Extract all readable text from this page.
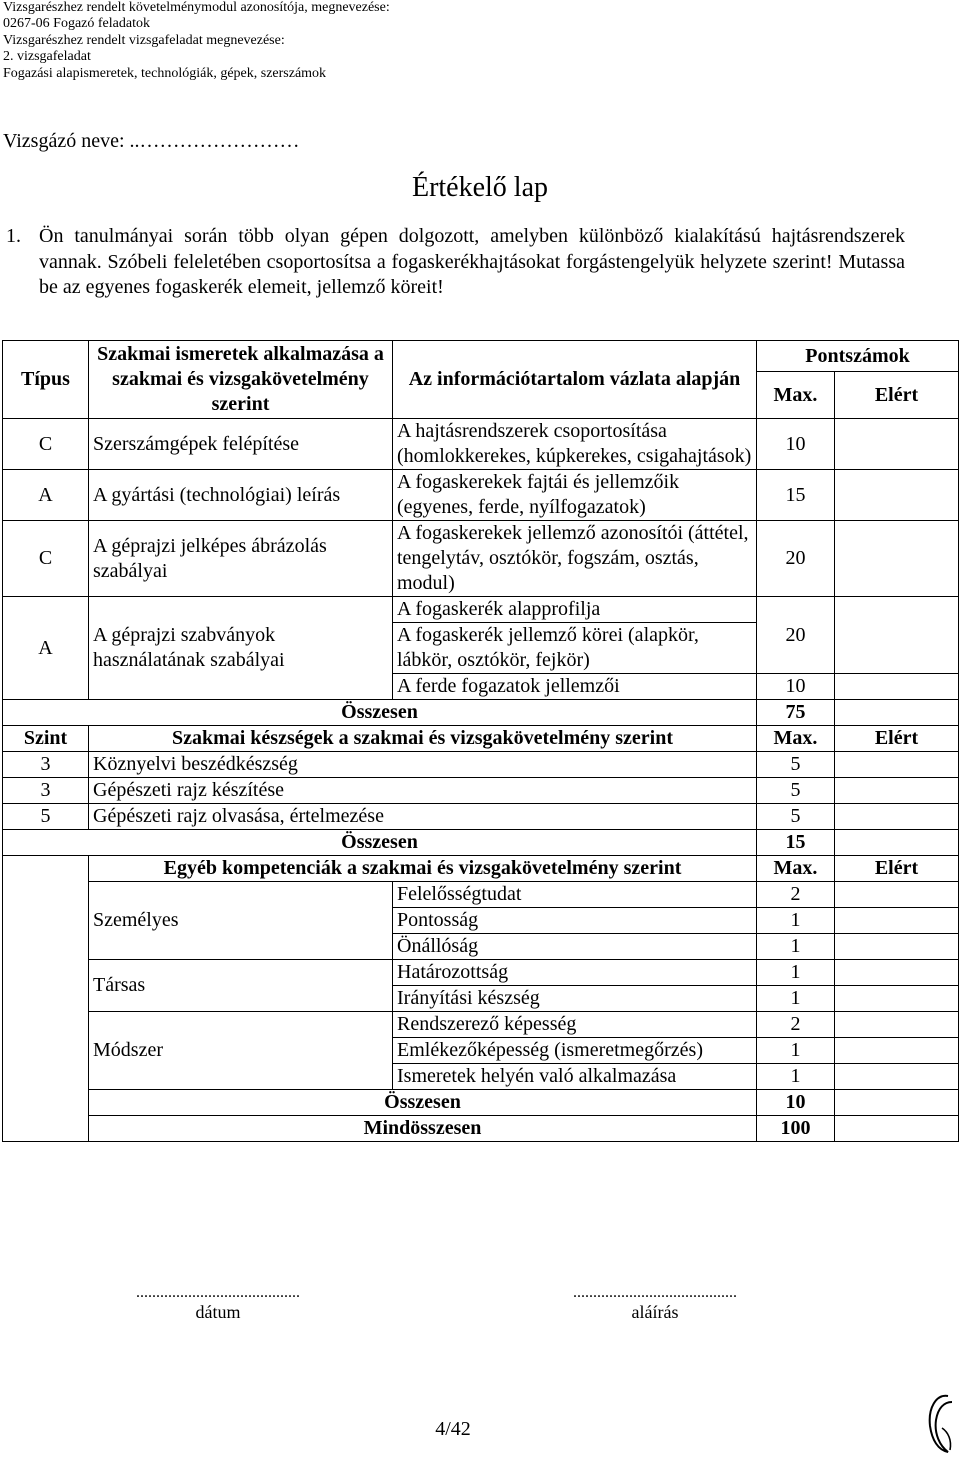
Vizsgarészhez rendelt követelménymodul azonosítója, megnevezése:
0267-06 Fogazó feladatok
Vizsgarészhez rendelt vizsgafeladat megnevezése:
2. vizsgafeladat
Fogazási alapismeretek, technológiák, gépek, szerszámok
Vizsgázó neve: ..……………………
Értékelő lap
1. Ön tanulmányai során több olyan gépen dolgozott, amelyben különböző kialakítású hajtásrendszerek vannak. Szóbeli feleletében csoportosítsa a fogaskerékhajtásokat forgástengelyük helyzete szerint! Mutassa be az egyenes fogaskerék elemeit, jellemző köreit!
Típus	Szakmai ismeretek alkalmazása a szakmai és vizsgakövetelmény szerint	Az információtartalom vázlata alapján	Pontszámok	
			Max.	Elért
C	Szerszámgépek felépítése	A hajtásrendszerek csoportosítása (homlokkerekes, kúpkerekes, csigahajtások)	10	
A	A gyártási (technológiai) leírás	A fogaskerekek fajtái és jellemzőik (egyenes, ferde, nyílfogazatok)	15	
C	A géprajzi jelképes ábrázolás szabályai	A fogaskerekek jellemző azonosítói (áttétel, tengelytáv, osztókör, fogszám, osztás, modul)	20	
A	A géprajzi szabványok használatának szabályai	A fogaskerék alapprofilja	20	
		A fogaskerék jellemző körei (alapkör, lábkör, osztókör, fejkör)		
		A ferde fogazatok jellemzői	10	
Összesen			75	
Szint	Szakmai készségek a szakmai és vizsgakövetelmény szerint		Max.	Elért
3	Köznyelvi beszédkészség		5	
3	Gépészeti rajz készítése		5	
5	Gépészeti rajz olvasása, értelmezése		5	
Összesen			15	
	Egyéb kompetenciák a szakmai és vizsgakövetelmény szerint		Max.	Elért
	Személyes	Felelősségtudat	2	
		Pontosság	1	
		Önállóság	1	
	Társas	Határozottság	1	
		Irányítási készség	1	
	Módszer	Rendszerező képesség	2	
		Emlékezőképesség (ismeretmegőrzés)	1	
		Ismeretek helyén való alkalmazása	1	
	Összesen		10	
	Mindösszesen		100	
.........................................
dátum
.........................................
aláírás
4/42
